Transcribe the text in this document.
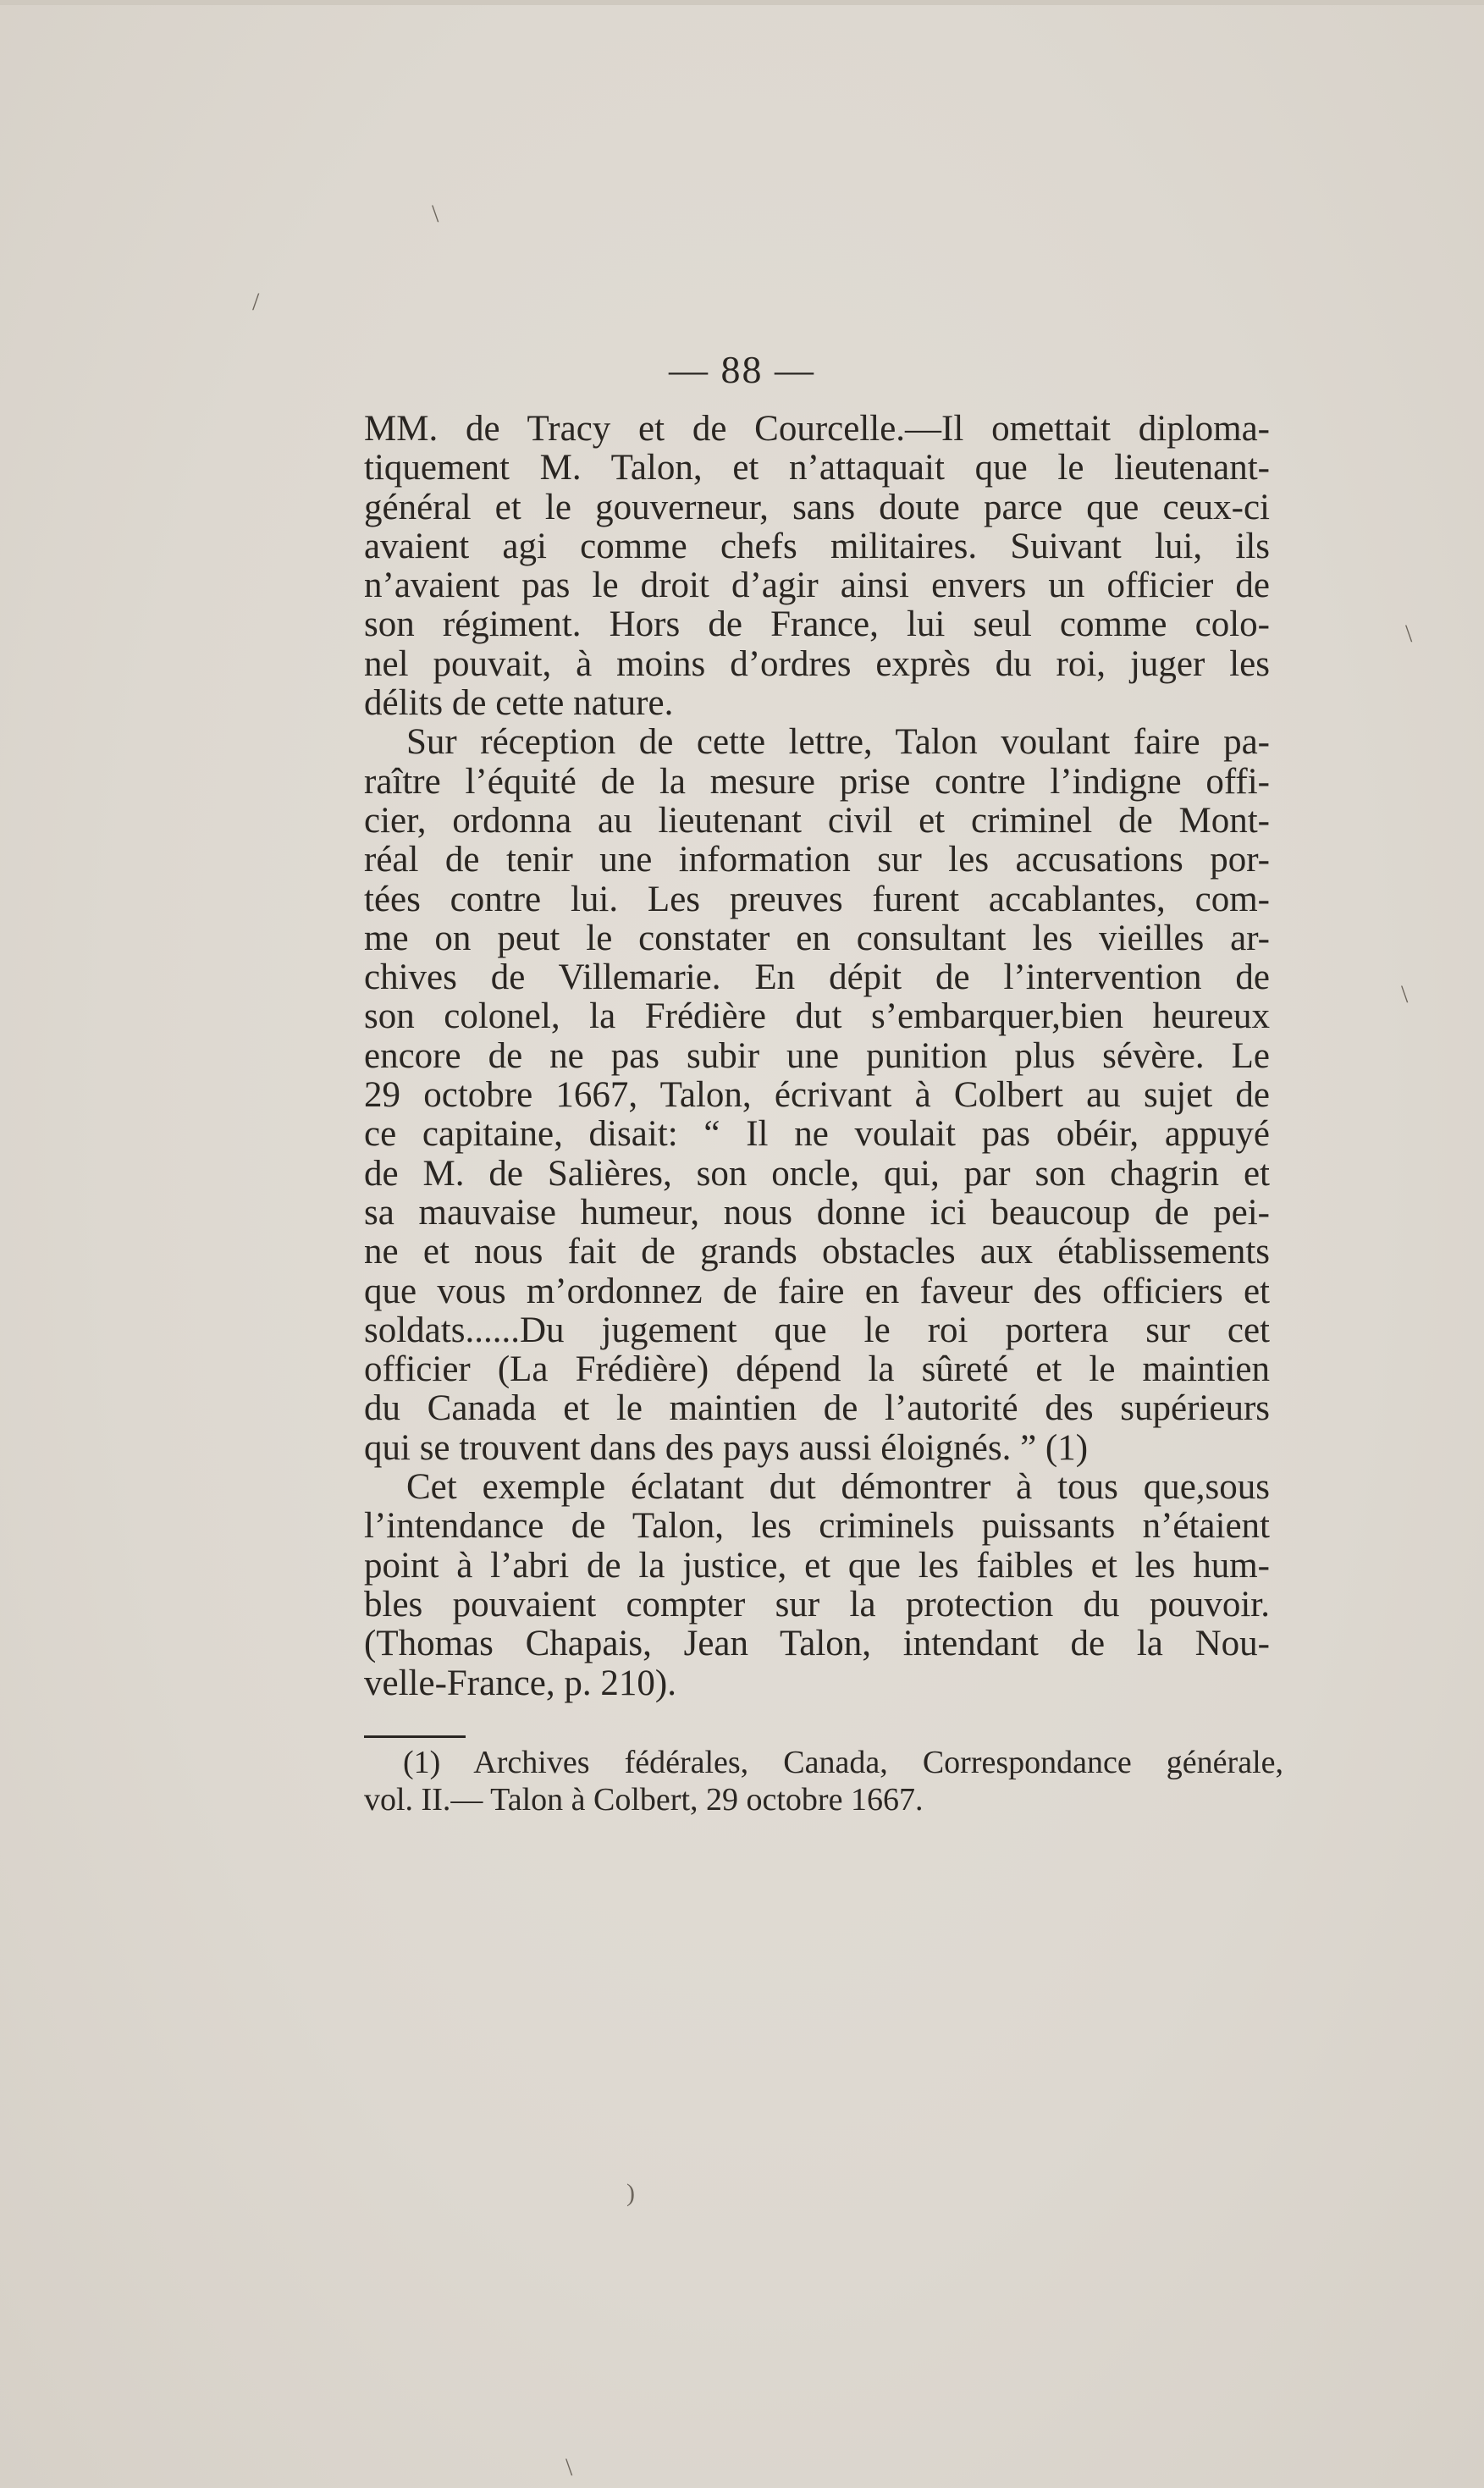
— 88 —
MM. de Tracy et de Courcelle.—Il omettait diploma-
tiquement M. Talon, et n’attaquait que le lieutenant-
général et le gouverneur, sans doute parce que ceux-ci
avaient agi comme chefs militaires. Suivant lui, ils
n’avaient pas le droit d’agir ainsi envers un officier de
son régiment. Hors de France, lui seul comme colo-
nel pouvait, à moins d’ordres exprès du roi, juger les
délits de cette nature.
Sur réception de cette lettre, Talon voulant faire pa-
raître l’équité de la mesure prise contre l’indigne offi-
cier, ordonna au lieutenant civil et criminel de Mont-
réal de tenir une information sur les accusations por-
tées contre lui. Les preuves furent accablantes, com-
me on peut le constater en consultant les vieilles ar-
chives de Villemarie. En dépit de l’intervention de
son colonel, la Frédière dut s’embarquer,bien heureux
encore de ne pas subir une punition plus sévère. Le
29 octobre 1667, Talon, écrivant à Colbert au sujet de
ce capitaine, disait: “ Il ne voulait pas obéir, appuyé
de M. de Salières, son oncle, qui, par son chagrin et
sa mauvaise humeur, nous donne ici beaucoup de pei-
ne et nous fait de grands obstacles aux établissements
que vous m’ordonnez de faire en faveur des officiers et
soldats......Du jugement que le roi portera sur cet
officier (La Frédière) dépend la sûreté et le maintien
du Canada et le maintien de l’autorité des supérieurs
qui se trouvent dans des pays aussi éloignés. ” (1)
Cet exemple éclatant dut démontrer à tous que,sous
l’intendance de Talon, les criminels puissants n’étaient
point à l’abri de la justice, et que les faibles et les hum-
bles pouvaient compter sur la protection du pouvoir.
(Thomas Chapais, Jean Talon, intendant de la Nou-
velle-France, p. 210).
(1) Archives fédérales, Canada, Correspondance générale,
vol. II.— Talon à Colbert, 29 octobre 1667.
\
/
\
\
)
\
